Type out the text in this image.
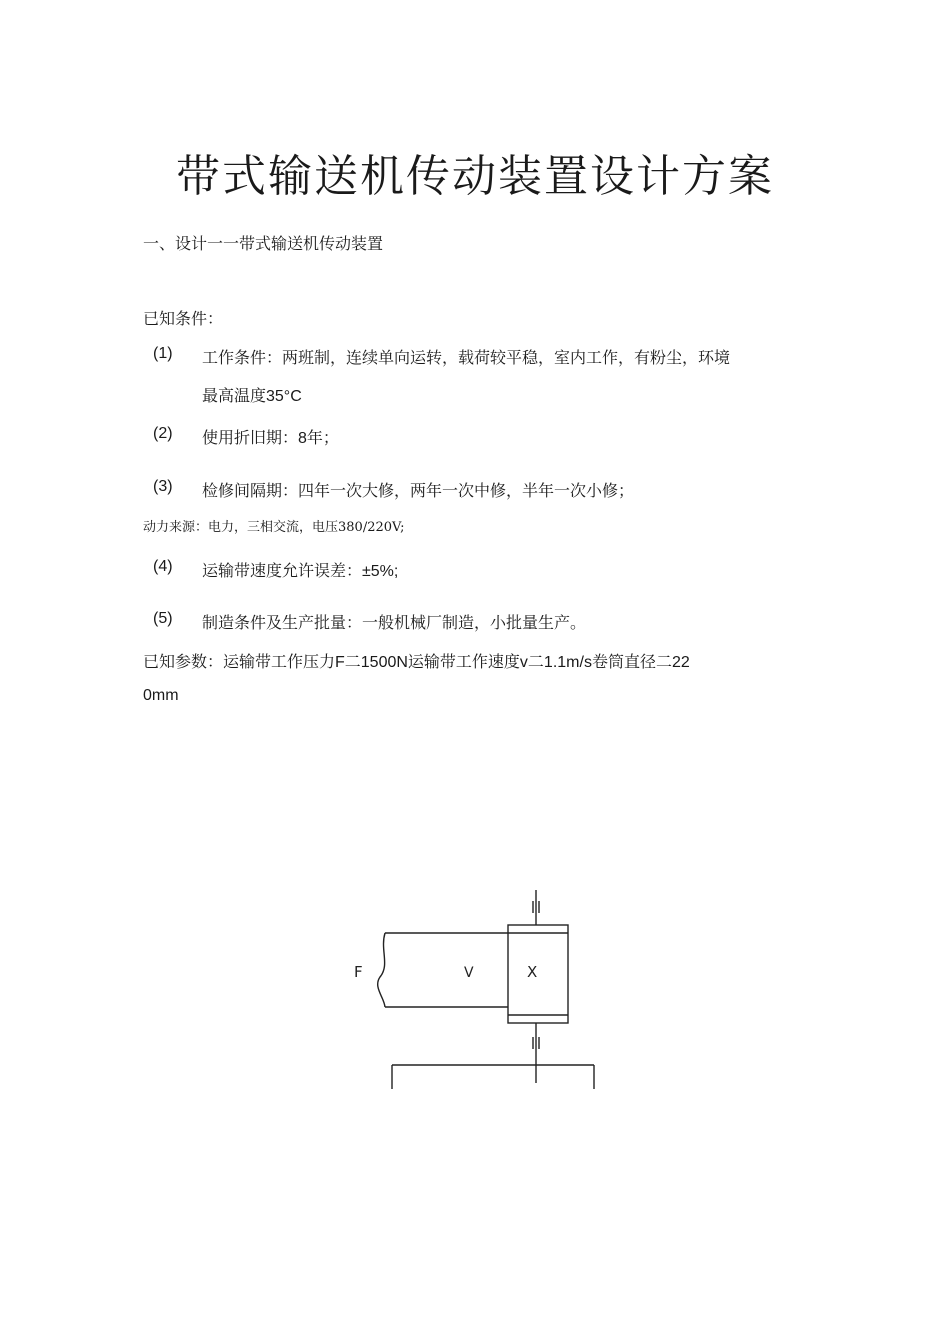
带式输送机传动装置设计方案
一、设计一一带式输送机传动装置
已知条件：
(1) 工作条件：两班制，连续单向运转，载荷较平稳，室内工作，有粉尘，环境
最高温度35°C
(2) 使用折旧期：8年；
(3) 检修间隔期：四年一次大修，两年一次中修，半年一次小修；
动力来源：电力，三相交流，电压380/220V;
(4) 运输带速度允许误差：±5%;
(5) 制造条件及生产批量：一般机械厂制造，小批量生产。
已知参数：运输带工作压力F二1500N运输带工作速度v二1.1m/s卷筒直径二22
0mm
F	V	X
